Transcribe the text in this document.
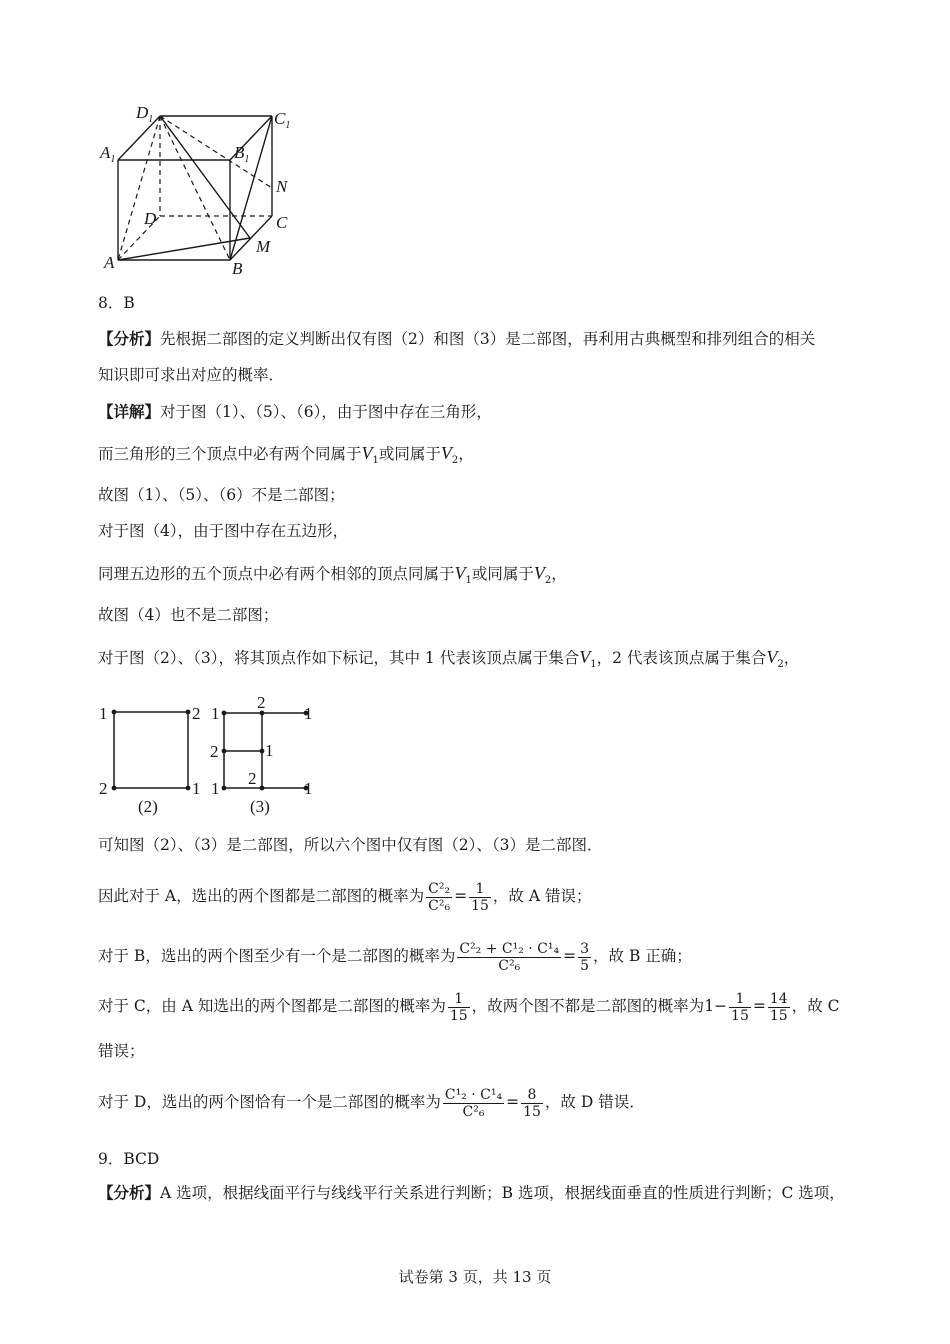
$D_1$	$C_1$
$A_1$	$B_1$
N
D	C
M
A	B
8．B
【分析】先根据二部图的定义判断出仅有图（2）和图（3）是二部图，再利用古典概型和排列组合的相关
知识即可求出对应的概率．
【详解】对于图（1）、（5）、（6），由于图中存在三角形，
而三角形的三个顶点中必有两个同属于$V_1$或同属于$V_2$，
故图（1）、（5）、（6）不是二部图；
对于图（4），由于图中存在五边形，
同理五边形的五个顶点中必有两个相邻的顶点同属于$V_1$或同属于$V_2$，
故图（4）也不是二部图；
对于图（2）、（3），将其顶点作如下标记，其中 1 代表该顶点属于集合$V_1$，2 代表该顶点属于集合$V_2$，
1	2
2	1
(2)
2
1
1
2	1
2
1	1
(3)
可知图（2）、（3）是二部图，所以六个图中仅有图（2）、（3）是二部图．
因此对于 A，选出的两个图都是二部图的概率为 $\frac{\text{C²₂}}{\text{C²₆}} = \frac{1}{15}$ ，故 A 错误；
对于 B，选出的两个图至少有一个是二部图的概率为 $\frac{\text{C²₂ + C¹₂ · C¹₄}}{\text{C²₆}} = \frac{3}{5}$ ，故 B 正确；
对于 C，由 A 知选出的两个图都是二部图的概率为 $\frac{1}{15}$ ，故两个图不都是二部图的概率为$1- \frac{1}{15} = \frac{14}{15}$ ，故 C
错误；
对于 D，选出的两个图恰有一个是二部图的概率为 $\frac{\text{C¹₂ · C¹₄}}{\text{C²₆}} = \frac{8}{15}$ ，故 D 错误．
9．BCD
【分析】A 选项，根据线面平行与线线平行关系进行判断；B 选项，根据线面垂直的性质进行判断；C 选项，
试卷第 3 页，共 13 页
